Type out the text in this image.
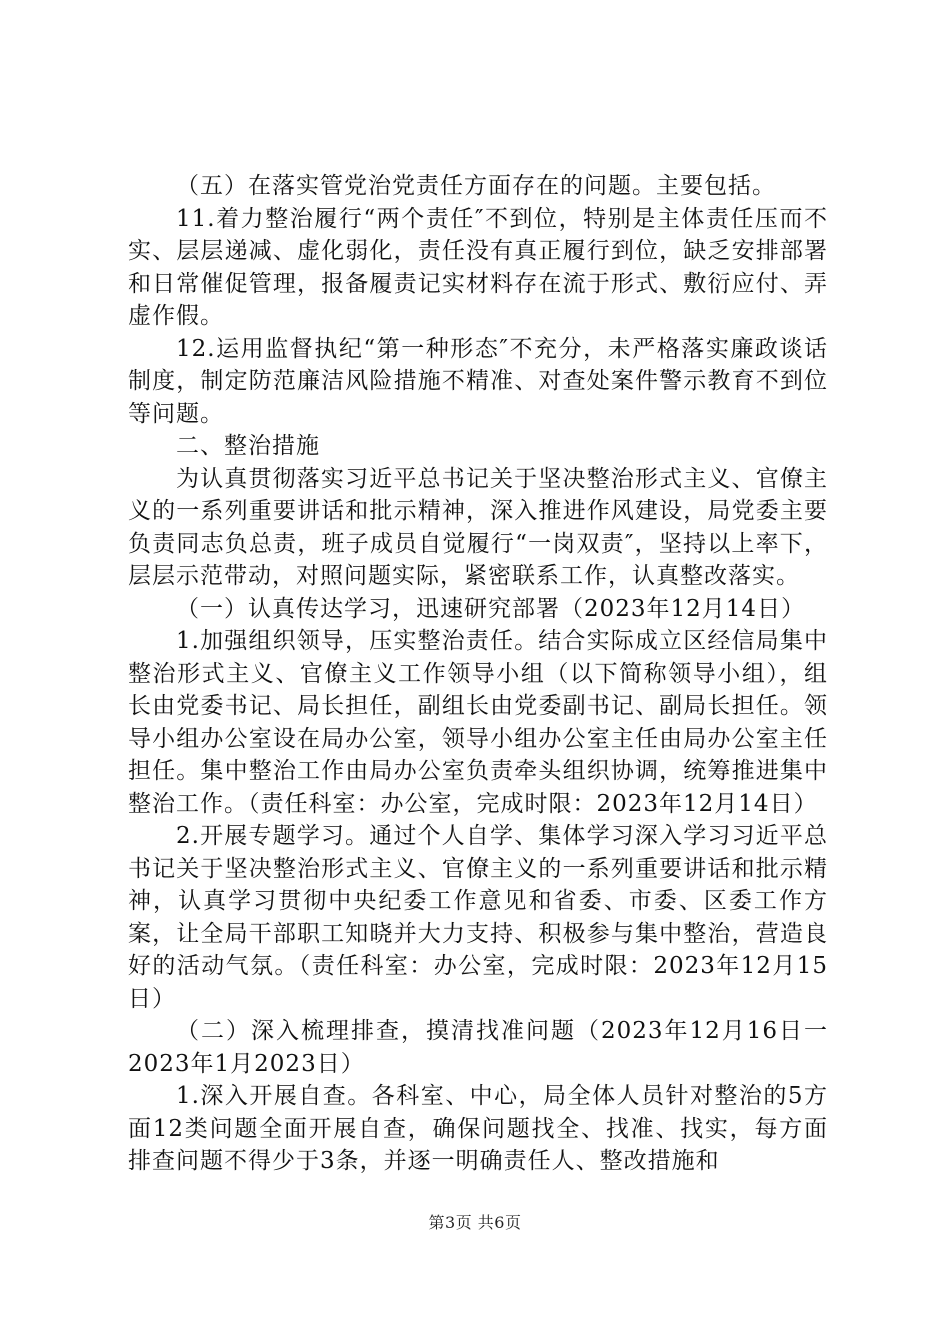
（五）在落实管党治党责任方面存在的问题。主要包括。

11.着力整治履行“两个责任″不到位，特别是主体责任压而不实、层层递减、虚化弱化，责任没有真正履行到位，缺乏安排部署和日常催促管理，报备履责记实材料存在流于形式、敷衍应付、弄虚作假。

12.运用监督执纪“第一种形态″不充分，未严格落实廉政谈话制度，制定防范廉洁风险措施不精准、对查处案件警示教育不到位等问题。

二、整治措施

为认真贯彻落实习近平总书记关于坚决整治形式主义、官僚主义的一系列重要讲话和批示精神，深入推进作风建设，局党委主要负责同志负总责，班子成员自觉履行“一岗双责″，坚持以上率下，层层示范带动，对照问题实际，紧密联系工作，认真整改落实。

（一）认真传达学习，迅速研究部署（2023年12月14日）

1.加强组织领导，压实整治责任。结合实际成立区经信局集中整治形式主义、官僚主义工作领导小组（以下简称领导小组），组长由党委书记、局长担任，副组长由党委副书记、副局长担任。领导小组办公室设在局办公室，领导小组办公室主任由局办公室主任担任。集中整治工作由局办公室负责牵头组织协调，统筹推进集中整治工作。（责任科室：办公室，完成时限：2023年12月14日）

2.开展专题学习。通过个人自学、集体学习深入学习习近平总书记关于坚决整治形式主义、官僚主义的一系列重要讲话和批示精神，认真学习贯彻中央纪委工作意见和省委、市委、区委工作方案，让全局干部职工知晓并大力支持、积极参与集中整治，营造良好的活动气氛。（责任科室：办公室，完成时限：2023年12月15日）

（二）深入梳理排查，摸清找准问题（2023年12月16日一2023年1月2023日）

1.深入开展自查。各科室、中心，局全体人员针对整治的5方面12类问题全面开展自查，确保问题找全、找准、找实，每方面排查问题不得少于3条，并逐一明确责任人、整改措施和

第3页 共6页
